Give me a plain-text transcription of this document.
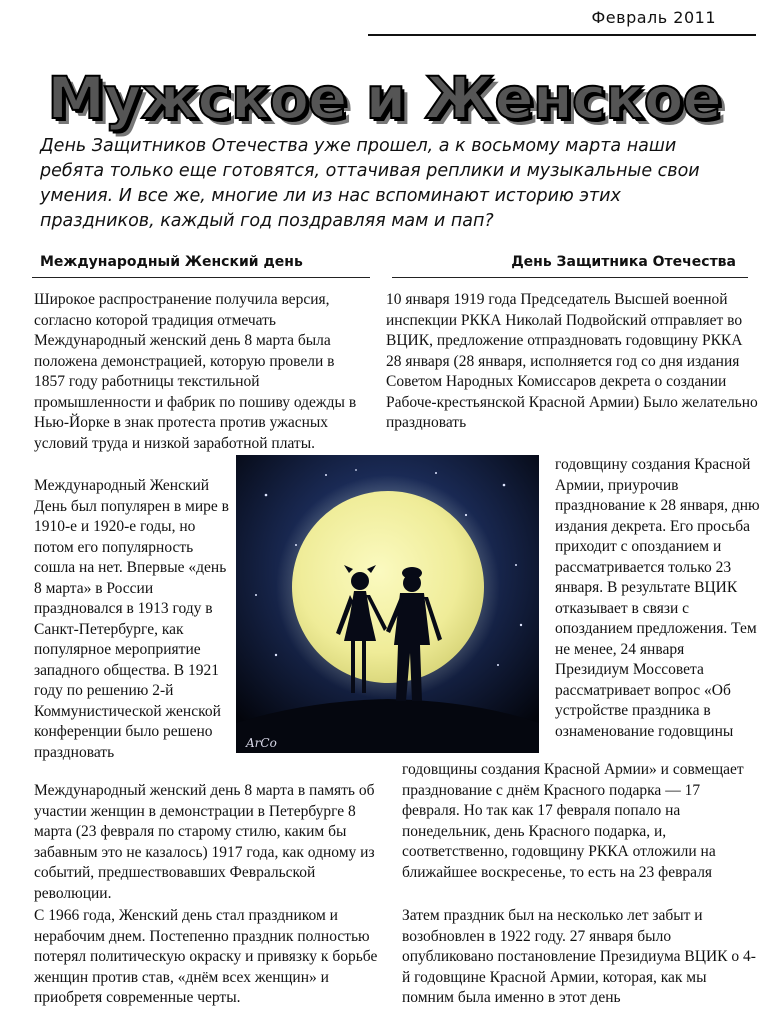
Февраль 2011
Мужское и Женское
День Защитников Отечества уже прошел, а к восьмому марта наши ребята только еще готовятся, оттачивая реплики и музыкальные свои умения. И все же, многие ли из нас вспоминают историю этих праздников, каждый год поздравляя мам и пап?
Международный Женский день	День Защитника Отечества
Широкое распространение получила версия, согласно которой традиция отмечать Международный женский день 8 марта была положена демонстрацией, которую провели в 1857 году работницы текстильной промышленности и фабрик по пошиву одежды в Нью-Йорке в знак протеста против ужасных условий труда и низкой заработной платы.
Международный Женский День был популярен в мире в 1910-е и 1920-е годы, но потом его популярность сошла на нет. Впервые «день 8 марта» в России праздновался в 1913 году в Санкт-Петербурге, как популярное мероприятие западного общества. В 1921 году по решению 2-й Коммунистической женской конференции было решено праздновать
Международный женский день 8 марта в память об участии женщин в демонстрации в Петербурге 8 марта (23 февраля по старому стилю, каким бы забавным это не казалось) 1917 года, как одному из событий, предшествовавших Февральской революции.
С 1966 года, Женский день стал праздником и нерабочим днем. Постепенно праздник полностью потерял политическую окраску и привязку к борьбе женщин против став, «днём всех женщин» и приобретя современные черты.
10 января 1919 года Председатель Высшей военной инспекции РККА Николай Подвойский отправляет во ВЦИК, предложение отпраздновать годовщину РККА 28 января (28 января, исполняется год со дня издания Советом Народных Комиссаров декрета о создании Рабоче-крестьянской Красной Армии) Было желательно праздновать
годовщину создания Красной Армии, приурочив празднование к 28 января, дню издания декрета. Его просьба приходит с опозданием и рассматривается только 23 января. В результате ВЦИК отказывает в связи с опозданием предложения. Тем не менее, 24 января Президиум Моссовета рассматривает вопрос «Об устройстве праздника в ознаменование годовщины
годовщины создания Красной Армии» и совмещает празднование с днём Красного подарка — 17 февраля. Но так как 17 февраля попало на понедельник, день Красного подарка, и, соответственно, годовщину РККА отложили на ближайшее воскресенье, то есть на 23 февраля
Затем праздник был на несколько лет забыт и возобновлен в 1922 году. 27 января было опубликовано постановление Президиума ВЦИК о 4-й годовщине Красной Армии, которая, как мы помним была именно в этот день
ArCo
